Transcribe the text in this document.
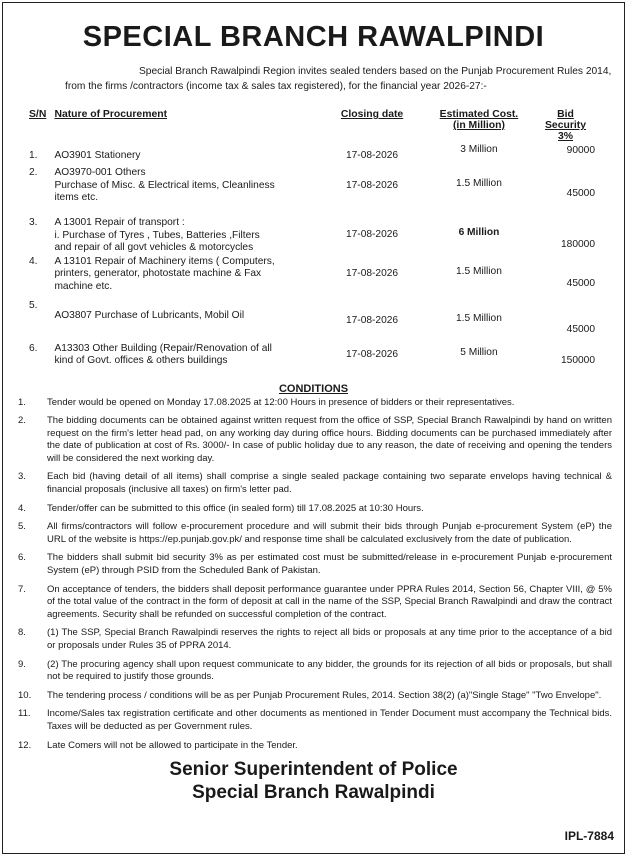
SPECIAL BRANCH RAWALPINDI
Special Branch Rawalpindi Region invites sealed tenders based on the Punjab Procurement Rules 2014, from the firms /contractors (income tax & sales tax registered), for the financial year 2026-27:-
S/N	Nature of Procurement	Closing date	Estimated Cost.
(in Million)	Bid Security
3%
1.	AO3901 Stationery	17-08-2026	3 Million	90000

2.	AO3970-001 Others
Purchase of Misc. & Electrical items, Cleanliness
items etc.	17-08-2026	1.5 Million	45000
3.	A 13001 Repair of transport :
i. Purchase of Tyres , Tubes, Batteries ,Filters
and repair of all govt vehicles & motorcycles	17-08-2026	6 Million	180000
4.	A 13101 Repair of Machinery items ( Computers,
printers, generator, photostate machine & Fax
machine etc.	17-08-2026	1.5 Million	45000
5.	AO3807 Purchase of Lubricants, Mobil Oil	17-08-2026	1.5 Million	45000
6.	A13303 Other Building (Repair/Renovation of all
kind of Govt. offices & others buildings	17-08-2026	5 Million	150000
CONDITIONS
1.	Tender would be opened on Monday 17.08.2025 at 12:00 Hours in presence of bidders or their representatives.
2.	The bidding documents can be obtained against written request from the office of SSP, Special Branch Rawalpindi by hand on written request on the firm's letter head pad, on any working day during office hours. Bidding documents can be purchased immediately after the date of publication at cost of Rs. 3000/- In case of public holiday due to any reason, the date of receiving and opening the tenders will be considered the next working day.
3.	Each bid (having detail of all items) shall comprise a single sealed package containing two separate envelops having technical & financial proposals (inclusive all taxes) on firm's letter pad.
4.	Tender/offer can be submitted to this office (in sealed form) till 17.08.2025 at 10:30 Hours.
5.	All firms/contractors will follow e-procurement procedure and will submit their bids through Punjab e-procurement System (eP) the URL of the website is https://ep.punjab.gov.pk/ and response time shall be calculated exclusively from the date of publication.
6.	The bidders shall submit bid security 3% as per estimated cost must be submitted/release in e-procurement Punjab e-procurement System (eP) through PSID from the Scheduled Bank of Pakistan.
7.	On acceptance of tenders, the bidders shall deposit performance guarantee under PPRA Rules 2014, Section 56, Chapter VIII, @ 5% of the total value of the contract in the form of deposit at call in the name of the SSP, Special Branch Rawalpindi and draw the contract agreements. Security shall be refunded on successful completion of the contract.
8.	(1) The SSP, Special Branch Rawalpindi reserves the rights to reject all bids or proposals at any time prior to the acceptance of a bid or proposals under Rules 35 of PPRA 2014.
9.	(2) The procuring agency shall upon request communicate to any bidder, the grounds for its rejection of all bids or proposals, but shall not be required to justify those grounds.
10.	The tendering process / conditions will be as per Punjab Procurement Rules, 2014. Section 38(2) (a)"Single Stage" "Two Envelope".
11.	Income/Sales tax registration certificate and other documents as mentioned in Tender Document must accompany the Technical bids. Taxes will be deducted as per Government rules.
12.	Late Comers will not be allowed to participate in the Tender.
Senior Superintendent of Police
Special Branch Rawalpindi
IPL-7884
